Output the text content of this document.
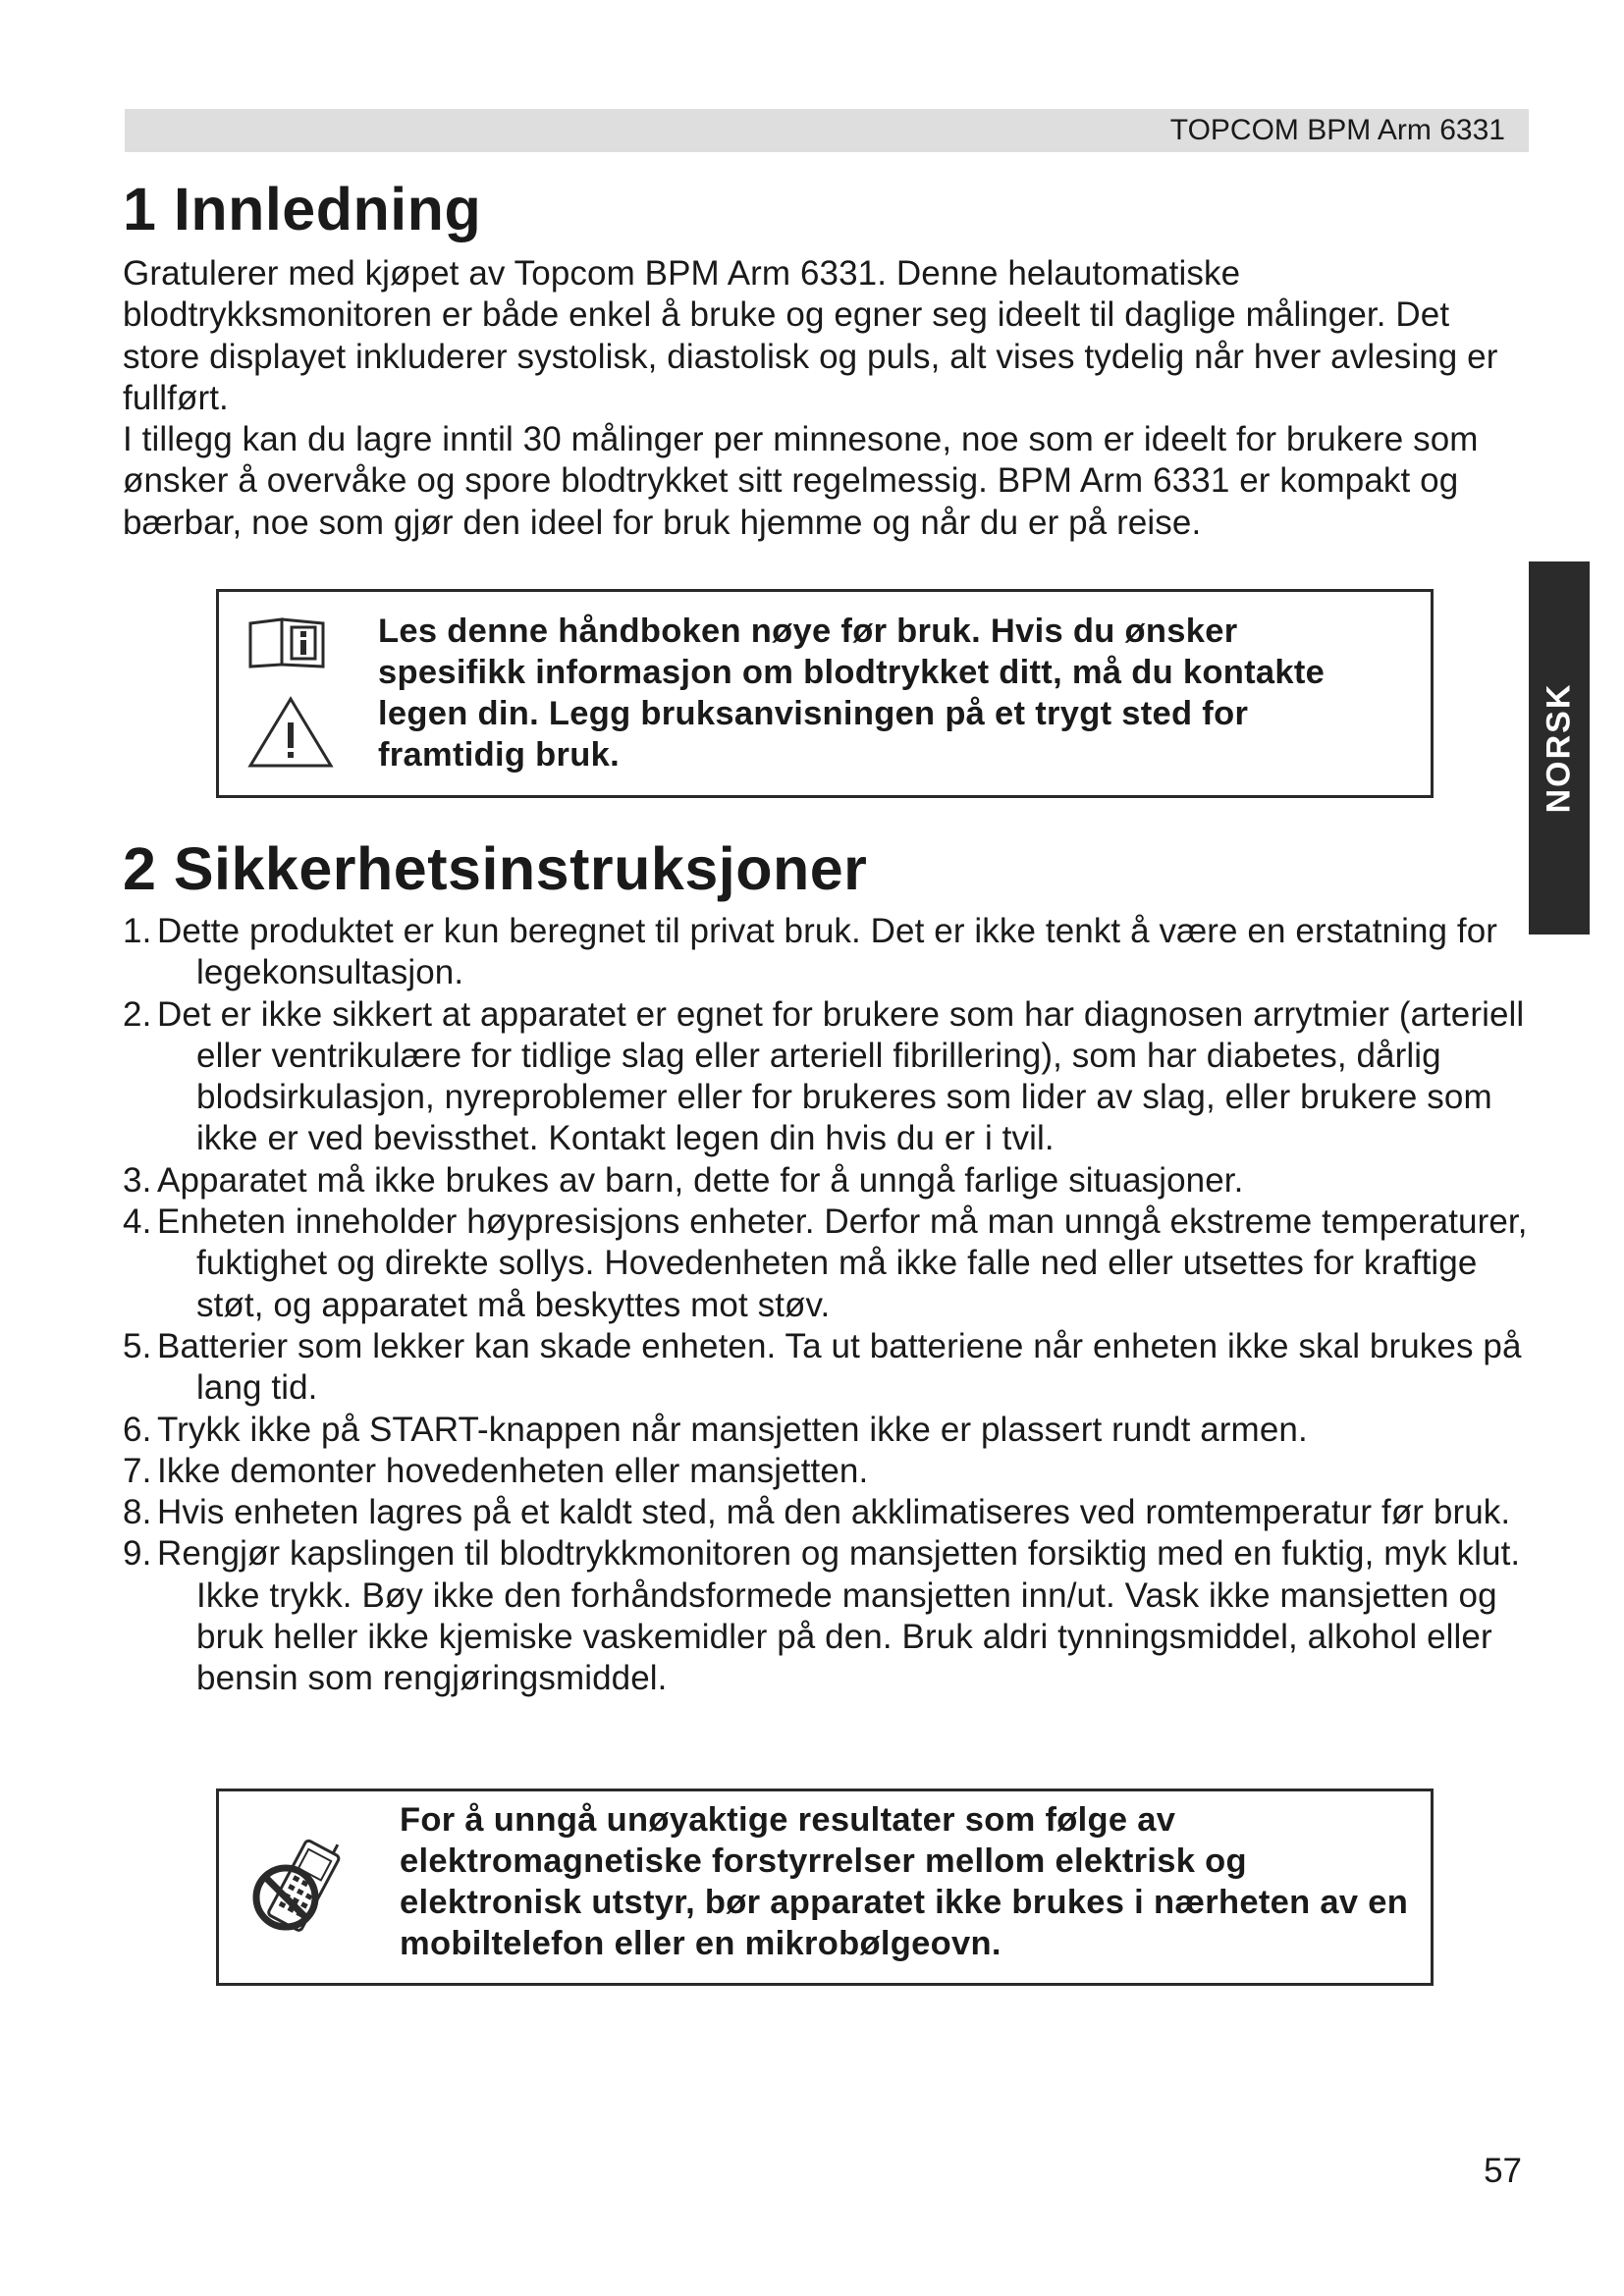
TOPCOM BPM Arm 6331
1 Innledning

Gratulerer med kjøpet av Topcom BPM Arm 6331. Denne helautomatiske blodtrykksmonitoren er både enkel å bruke og egner seg ideelt til daglige målinger. Det store displayet inkluderer systolisk, diastolisk og puls, alt vises tydelig når hver avlesing er fullført.

I tillegg kan du lagre inntil 30 målinger per minnesone, noe som er ideelt for brukere som ønsker å overvåke og spore blodtrykket sitt regelmessig. BPM Arm 6331 er kompakt og bærbar, noe som gjør den ideel for bruk hjemme og når du er på reise.

Les denne håndboken nøye før bruk. Hvis du ønsker spesifikk informasjon om blodtrykket ditt, må du kontakte legen din. Legg bruksanvisningen på et trygt sted for framtidig bruk.	NORSK
2 Sikkerhetsinstruksjoner
1. Dette produktet er kun beregnet til privat bruk. Det er ikke tenkt å være en erstatning for legekonsultasjon.
2. Det er ikke sikkert at apparatet er egnet for brukere som har diagnosen arrytmier (arteriell eller ventrikulære for tidlige slag eller arteriell fibrillering), som har diabetes, dårlig blodsirkulasjon, nyreproblemer eller for brukeres som lider av slag, eller brukere som ikke er ved bevissthet. Kontakt legen din hvis du er i tvil.
3. Apparatet må ikke brukes av barn, dette for å unngå farlige situasjoner.
4. Enheten inneholder høypresisjons enheter. Derfor må man unngå ekstreme temperaturer, fuktighet og direkte sollys. Hovedenheten må ikke falle ned eller utsettes for kraftige støt, og apparatet må beskyttes mot støv.
5. Batterier som lekker kan skade enheten. Ta ut batteriene når enheten ikke skal brukes på lang tid.
6. Trykk ikke på START-knappen når mansjetten ikke er plassert rundt armen.
7. Ikke demonter hovedenheten eller mansjetten.
8. Hvis enheten lagres på et kaldt sted, må den akklimatiseres ved romtemperatur før bruk.
9. Rengjør kapslingen til blodtrykkmonitoren og mansjetten forsiktig med en fuktig, myk klut. Ikke trykk. Bøy ikke den forhåndsformede mansjetten inn/ut. Vask ikke mansjetten og bruk heller ikke kjemiske vaskemidler på den. Bruk aldri tynningsmiddel, alkohol eller bensin som rengjøringsmiddel.
For å unngå unøyaktige resultater som følge av elektromagnetiske forstyrrelser mellom elektrisk og elektronisk utstyr, bør apparatet ikke brukes i nærheten av en mobiltelefon eller en mikrobølgeovn.
57
